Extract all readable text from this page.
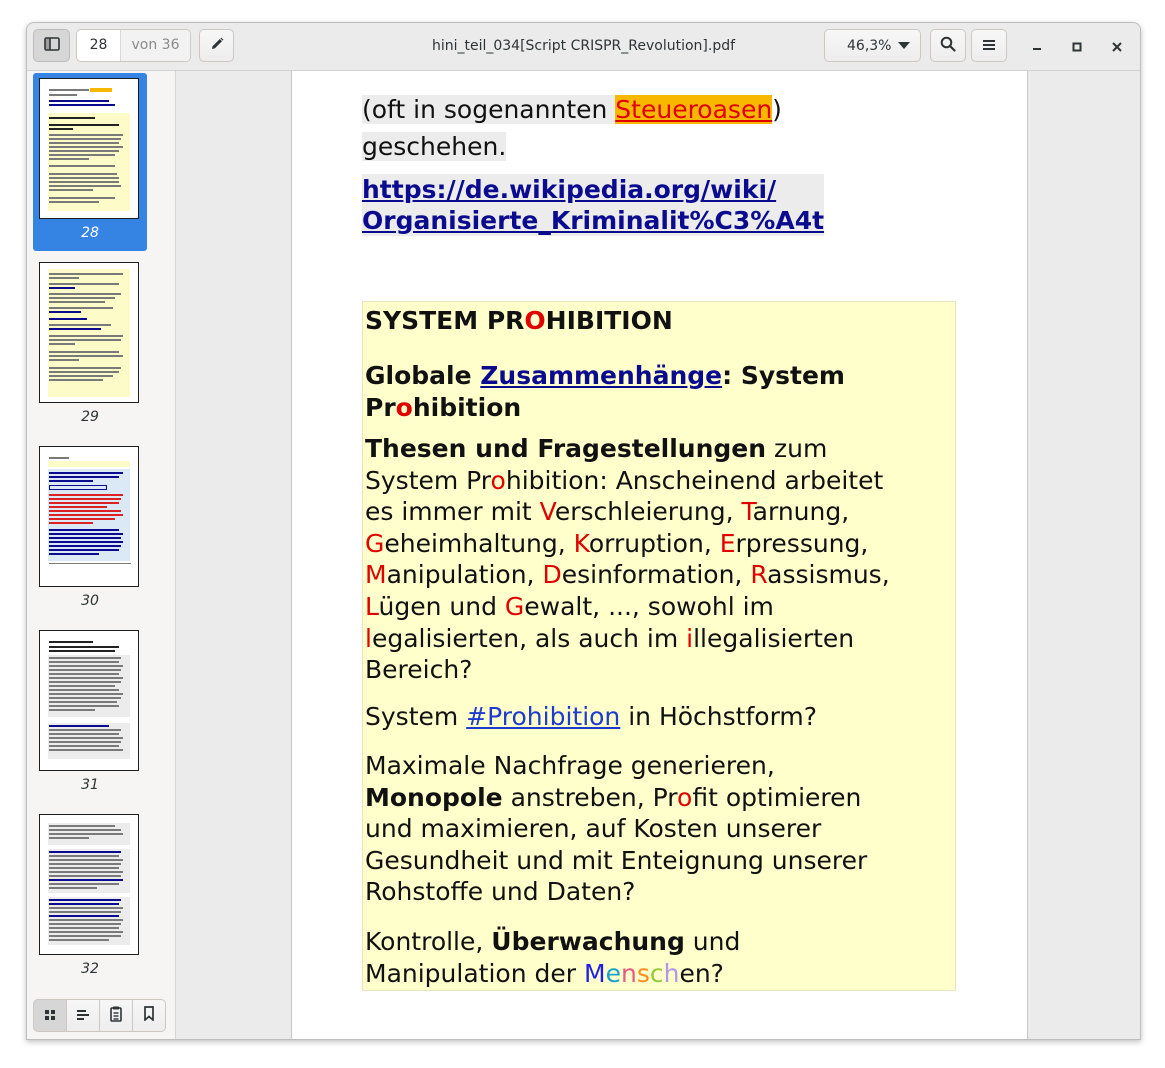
28	von 36	hini_teil_034[Script CRISPR_Revolution].pdf	46,3%
28
29
30
31
32
(oft in sogenannten Steueroasen)
geschehen.
https://de.wikipedia.org/wiki/
Organisierte_Kriminalit%C3%A4t
SYSTEM PROHIBITION
Globale Zusammenhänge: System
Prohibition
Thesen und Fragestellungen zum
System Prohibition: Anscheinend arbeitet
es immer mit Verschleierung, Tarnung,
Geheimhaltung, Korruption, Erpressung,
Manipulation, Desinformation, Rassismus,
Lügen und Gewalt, ..., sowohl im
legalisierten, als auch im illegalisierten
Bereich?
System #Prohibition in Höchstform?
Maximale Nachfrage generieren,
Monopole anstreben, Profit optimieren
und maximieren, auf Kosten unserer
Gesundheit und mit Enteignung unserer
Rohstoffe und Daten?
Kontrolle, Überwachung und
Manipulation der Menschen?
